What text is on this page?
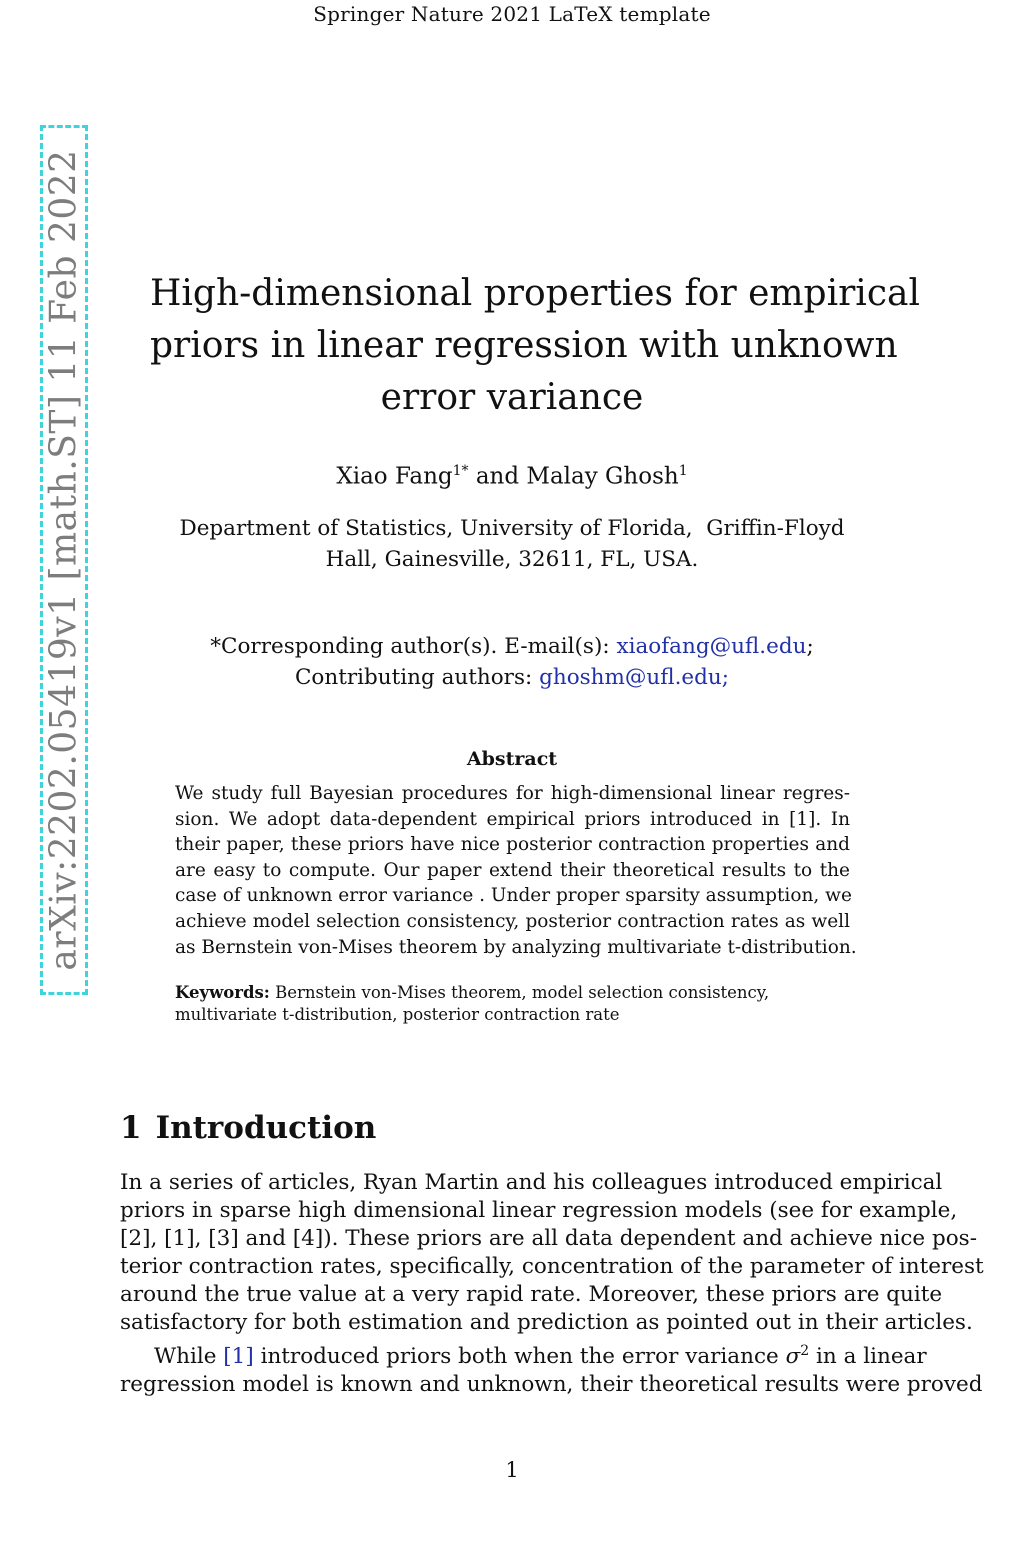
Springer Nature 2021 LaTeX template
arXiv:2202.05419v1 [math.ST] 11 Feb 2022 High-dimensional properties for empirical
priors in linear regression with unknown
error variance
Xiao Fang$^{1*}$ and Malay Ghosh$^1$
Department of Statistics, University of Florida,  Griffin-Floyd
Hall, Gainesville, 32611, FL, USA.
*Corresponding author(s). E-mail(s): xiaofang@ufl.edu;
Contributing authors: ghoshm@ufl.edu;
Abstract
We study full Bayesian procedures for high-dimensional linear regres-
sion. We adopt data-dependent empirical priors introduced in [1]. In
their paper, these priors have nice posterior contraction properties and
are easy to compute. Our paper extend their theoretical results to the
case of unknown error variance . Under proper sparsity assumption, we
achieve model selection consistency, posterior contraction rates as well
as Bernstein von-Mises theorem by analyzing multivariate t-distribution.
Keywords: Bernstein von-Mises theorem, model selection consistency,
multivariate t-distribution, posterior contraction rate
1 Introduction
In a series of articles, Ryan Martin and his colleagues introduced empirical
priors in sparse high dimensional linear regression models (see for example,
[2], [1], [3] and [4]). These priors are all data dependent and achieve nice pos-
terior contraction rates, specifically, concentration of the parameter of interest
around the true value at a very rapid rate. Moreover, these priors are quite
satisfactory for both estimation and prediction as pointed out in their articles.
While [1] introduced priors both when the error variance $\sigma^2$ in a linear
regression model is known and unknown, their theoretical results were proved
1
